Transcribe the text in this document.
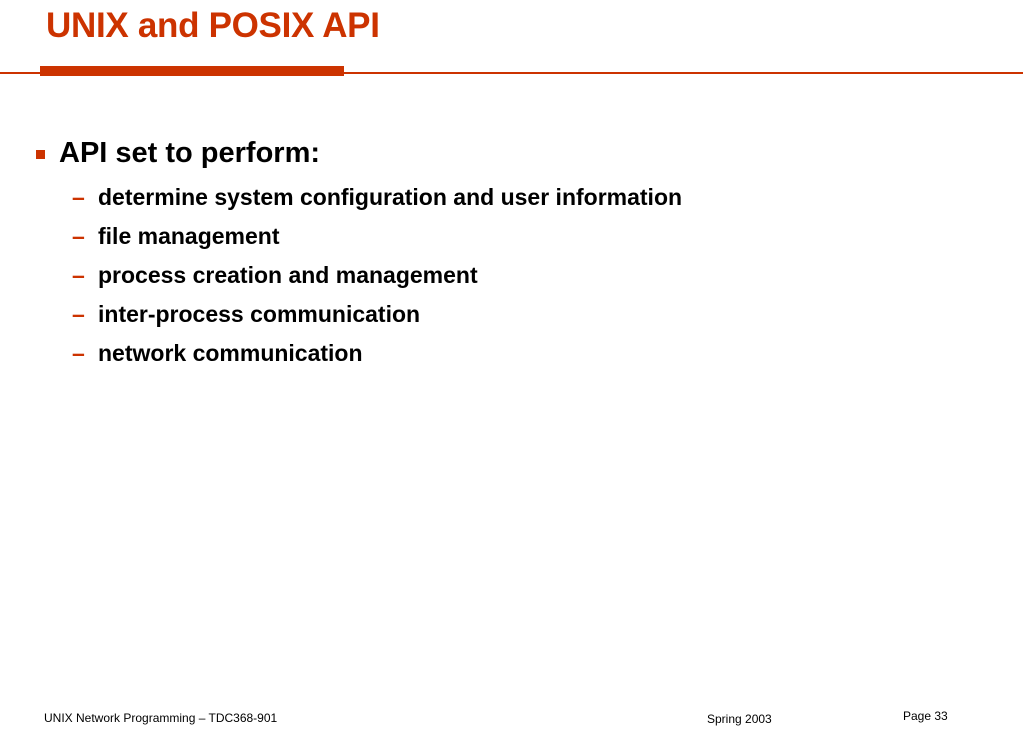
UNIX and POSIX API
API set to perform:
– determine system configuration and user information
– file management
– process creation and management
– inter-process communication
– network communication
UNIX Network Programming – TDC368-901	Spring 2003	Page 33
